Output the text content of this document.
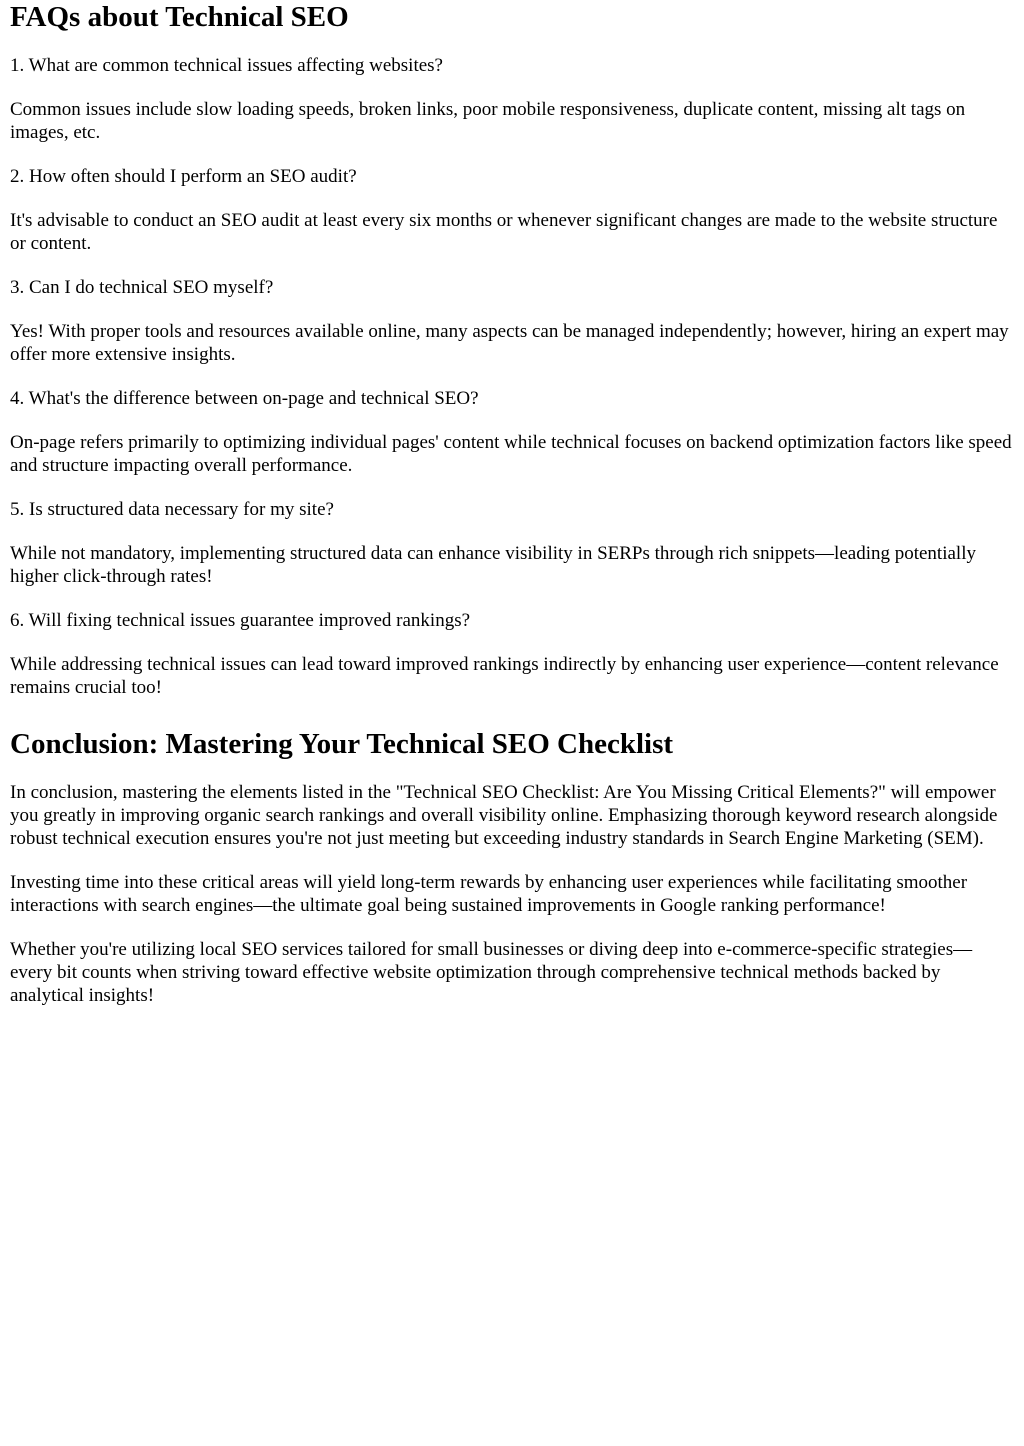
FAQs about Technical SEO

1. What are common technical issues affecting websites?

Common issues include slow loading speeds, broken links, poor mobile responsiveness, duplicate content, missing alt tags on images, etc.

2. How often should I perform an SEO audit?

It's advisable to conduct an SEO audit at least every six months or whenever significant changes are made to the website structure or content.

3. Can I do technical SEO myself?

Yes! With proper tools and resources available online, many aspects can be managed independently; however, hiring an expert may offer more extensive insights.

4. What's the difference between on-page and technical SEO?

On-page refers primarily to optimizing individual pages' content while technical focuses on backend optimization factors like speed and structure impacting overall performance.

5. Is structured data necessary for my site?

While not mandatory, implementing structured data can enhance visibility in SERPs through rich snippets—leading potentially higher click-through rates!

6. Will fixing technical issues guarantee improved rankings?

While addressing technical issues can lead toward improved rankings indirectly by enhancing user experience—content relevance remains crucial too!

Conclusion: Mastering Your Technical SEO Checklist

In conclusion, mastering the elements listed in the "Technical SEO Checklist: Are You Missing Critical Elements?" will empower you greatly in improving organic search rankings and overall visibility online. Emphasizing thorough keyword research alongside robust technical execution ensures you're not just meeting but exceeding industry standards in Search Engine Marketing (SEM).

Investing time into these critical areas will yield long-term rewards by enhancing user experiences while facilitating smoother interactions with search engines—the ultimate goal being sustained improvements in Google ranking performance!

Whether you're utilizing local SEO services tailored for small businesses or diving deep into e-commerce-specific strategies—every bit counts when striving toward effective website optimization through comprehensive technical methods backed by analytical insights!
